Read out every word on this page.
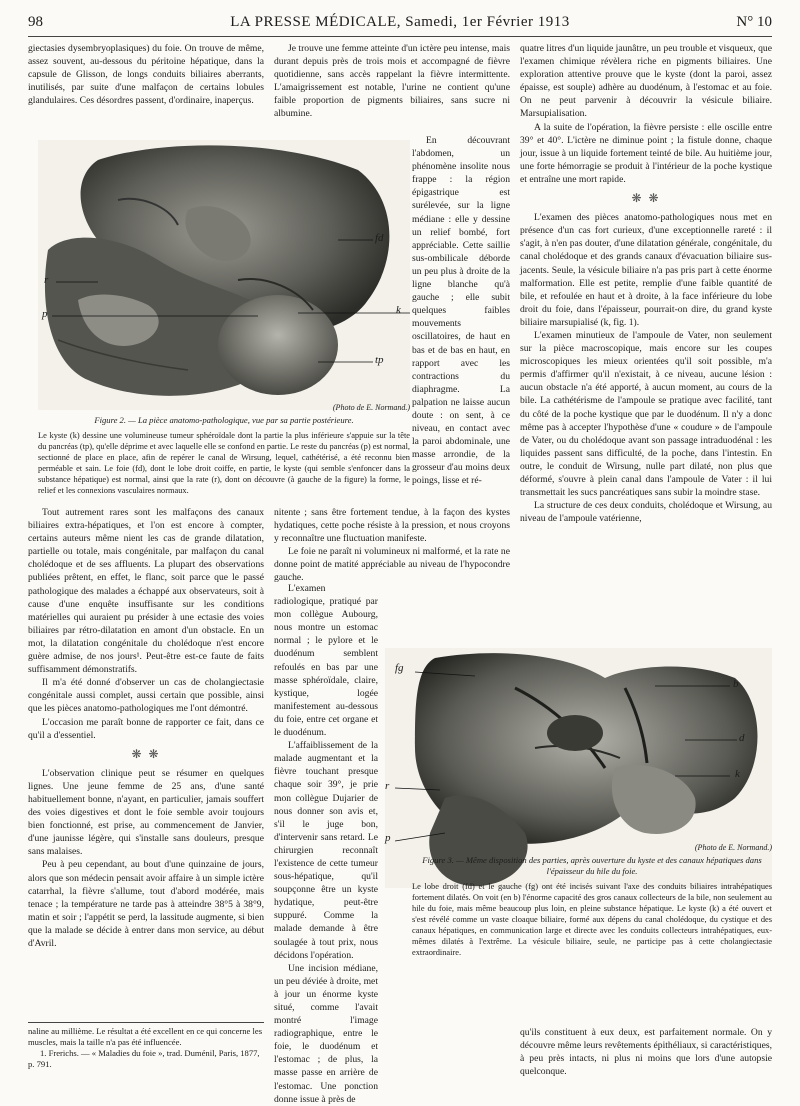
98	LA PRESSE MÉDICALE, Samedi, 1er Février 1913	N° 10

giectasies dysembryoplasiques) du foie. On trouve de même, assez souvent, au-dessous du péritoine hépatique, dans la capsule de Glisson, de longs conduits biliaires aberrants, inutilisés, par suite d'une malfaçon de certains lobules glandulaires. Ces désordres passent, d'ordinaire, inaperçus.

Je trouve une femme atteinte d'un ictère peu intense, mais durant depuis près de trois mois et accompagné de fièvre quotidienne, sans accès rappelant la fièvre intermittente. L'amaigrissement est notable, l'urine ne contient qu'une faible proportion de pigments biliaires, sans sucre ni albumine.

En découvrant l'abdomen, un phénomène insolite nous frappe : la région épigastrique est surélevée, sur la ligne médiane : elle y dessine un relief bombé, fort appréciable. Cette saillie sus-ombilicale déborde un peu plus à droite de la ligne blanche qu'à gauche ; elle subit quelques faibles mouvements oscillatoires, de haut en bas et de bas en haut, en rapport avec les contractions du diaphragme. La palpation ne laisse aucun doute : on sent, à ce niveau, en contact avec la paroi abdominale, une masse arrondie, de la grosseur d'au moins deux poings, lisse et ré-

quatre litres d'un liquide jaunâtre, un peu trouble et visqueux, que l'examen chimique révèlera riche en pigments biliaires. Une exploration attentive prouve que le kyste (dont la paroi, assez épaisse, est souple) adhère au duodénum, à l'estomac et au foie. On ne peut parvenir à découvrir la vésicule biliaire. Marsupialisation.

A la suite de l'opération, la fièvre persiste : elle oscille entre 39° et 40°. L'ictère ne diminue point ; la fistule donne, chaque jour, issue à un liquide fortement teinté de bile. Au huitième jour, une forte hémorragie se produit à l'intérieur de la poche kystique et entraîne une mort rapide.

❋ ❋

L'examen des pièces anatomo-pathologiques nous met en présence d'un cas fort curieux, d'une exceptionnelle rareté : il s'agit, à n'en pas douter, d'une dilatation générale, congénitale, du canal cholédoque et des grands canaux d'évacuation biliaire sus-jacents. Seule, la vésicule biliaire n'a pas pris part à cette énorme malformation. Elle est petite, remplie d'une faible quantité de bile, et refoulée en haut et à droite, à la face inférieure du lobe droit du foie, dans l'épaisseur, pourrait-on dire, du grand kyste biliaire marsupialisé (k, fig. 1).

L'examen minutieux de l'ampoule de Vater, non seulement sur la pièce macroscopique, mais encore sur les coupes microscopiques les mieux orientées qu'il soit possible, m'a permis d'affirmer qu'il n'existait, à ce niveau, aucune lésion : aucun obstacle n'a été apporté, à aucun moment, au cours de la bile. La cathétérisme de l'ampoule se pratique avec facilité, tant du côté de la poche kystique que par le duodénum. Il n'y a donc même pas à accepter l'hypothèse d'une « coudure » de l'ampoule de Vater, ou du cholédoque avant son passage intraduodénal : les liquides passent sans difficulté, de la poche, dans l'intestin. En outre, le conduit de Wirsung, nulle part dilaté, non plus que déformé, s'ouvre à plein canal dans l'ampoule de Vater : il lui transmettait les sucs pancréatiques sans subir la moindre stase.

La structure de ces deux conduits, cholédoque et Wirsung, au niveau de l'ampoule vatérienne,

fd
r
p	k
tp
(Photo de E. Normand.)
Figure 2. — La pièce anatomo-pathologique, vue par sa partie postérieure.
Le kyste (k) dessine une volumineuse tumeur sphéroïdale dont la partie la plus inférieure s'appuie sur la tête du pancréas (tp), qu'elle déprime et avec laquelle elle se confond en partie. Le reste du pancréas (p) est normal, sectionné de place en place, afin de repérer le canal de Wirsung, lequel, cathétérisé, a été reconnu bien perméable et sain. Le foie (fd), dont le lobe droit coiffe, en partie, le kyste (qui semble s'enfoncer dans la substance hépatique) est normal, ainsi que la rate (r), dont on découvre (à gauche de la figure) la forme, le relief et les connexions vasculaires normaux.

Tout autrement rares sont les malfaçons des canaux biliaires extra-hépatiques, et l'on est encore à compter, certains auteurs même nient les cas de grande dilatation, partielle ou totale, mais congénitale, par malfaçon du canal cholédoque et de ses affluents. La plupart des observations publiées prêtent, en effet, le flanc, soit parce que le passé pathologique des malades a échappé aux observateurs, soit à cause d'une enquête insuffisante sur les conditions matérielles qui auraient pu présider à une ectasie des voies biliaires par rétro-dilatation en amont d'un obstacle. En un mot, la dilatation congénitale du cholédoque n'est encore guère admise, de nos jours¹. Peut-être est-ce faute de faits suffisamment démonstratifs.

Il m'a été donné d'observer un cas de cholangiectasie congénitale aussi complet, aussi certain que possible, ainsi que les pièces anatomo-pathologiques me l'ont démontré.

L'occasion me paraît bonne de rapporter ce fait, dans ce qu'il a d'essentiel.

❋ ❋

L'observation clinique peut se résumer en quelques lignes. Une jeune femme de 25 ans, d'une santé habituellement bonne, n'ayant, en particulier, jamais souffert des voies digestives et dont le foie semble avoir toujours bien fonctionné, est prise, au commencement de Janvier, d'une jaunisse légère, qui s'installe sans douleurs, presque sans malaises.

Peu à peu cependant, au bout d'une quinzaine de jours, alors que son médecin pensait avoir affaire à un simple ictère catarrhal, la fièvre s'allume, tout d'abord modérée, mais tenace ; la température ne tarde pas à atteindre 38°5 à 38°9, matin et soir ; l'appétit se perd, la lassitude augmente, si bien que la malade se décide à entrer dans mon service, au début d'Avril.

naline au millième. Le résultat a été excellent en ce qui concerne les muscles, mais la taille n'a pas été influencée.
1. Frerichs. — « Maladies du foie », trad. Duménil, Paris, 1877, p. 791.

nitente ; sans être fortement tendue, à la façon des kystes hydatiques, cette poche résiste à la pression, et nous croyons y reconnaître une fluctuation manifeste.

Le foie ne paraît ni volumineux ni malformé, et la rate ne donne point de matité appréciable au niveau de l'hypocondre gauche.

L'examen radiologique, pratiqué par mon collègue Aubourg, nous montre un estomac normal ; le pylore et le duodénum semblent refoulés en bas par une masse sphéroïdale, claire, kystique, logée manifestement au-dessous du foie, entre cet organe et le duodénum.

L'affaiblissement de la malade augmentant et la fièvre touchant presque chaque soir 39°, je prie mon collègue Dujarier de nous donner son avis et, s'il le juge bon, d'intervenir sans retard. Le chirurgien reconnaît l'existence de cette tumeur sous-hépatique, qu'il soupçonne être un kyste hydatique, peut-être suppuré. Comme la malade demande à être soulagée à tout prix, nous décidons l'opération.

Une incision médiane, un peu déviée à droite, met à jour un énorme kyste situé, comme l'avait montré l'image radiographique, entre le foie, le duodénum et l'estomac ; de plus, la masse passe en arrière de l'estomac. Une ponction donne issue à près de

fg
b
d
k
r
p
(Photo de E. Normand.)
Figure 3. — Même disposition des parties, après ouverture du kyste et des canaux hépatiques dans l'épaisseur du hile du foie.
Le lobe droit (fd) et le gauche (fg) ont été incisés suivant l'axe des conduits biliaires intrahépatiques fortement dilatés. On voit (en b) l'énorme capacité des gros canaux collecteurs de la bile, non seulement au hile du foie, mais même beaucoup plus loin, en pleine substance hépatique. Le kyste (k) a été ouvert et s'est révélé comme un vaste cloaque biliaire, formé aux dépens du canal cholédoque, du cystique et des canaux hépatiques, en communication large et directe avec les conduits collecteurs intrahépatiques, eux-mêmes dilatés à l'extrême. La vésicule biliaire, seule, ne participe pas à cette cholangiectasie extraordinaire.

qu'ils constituent à eux deux, est parfaitement normale. On y découvre même leurs revêtements épithéliaux, si caractéristiques, à peu près intacts, ni plus ni moins que lors d'une autopsie quelconque.
